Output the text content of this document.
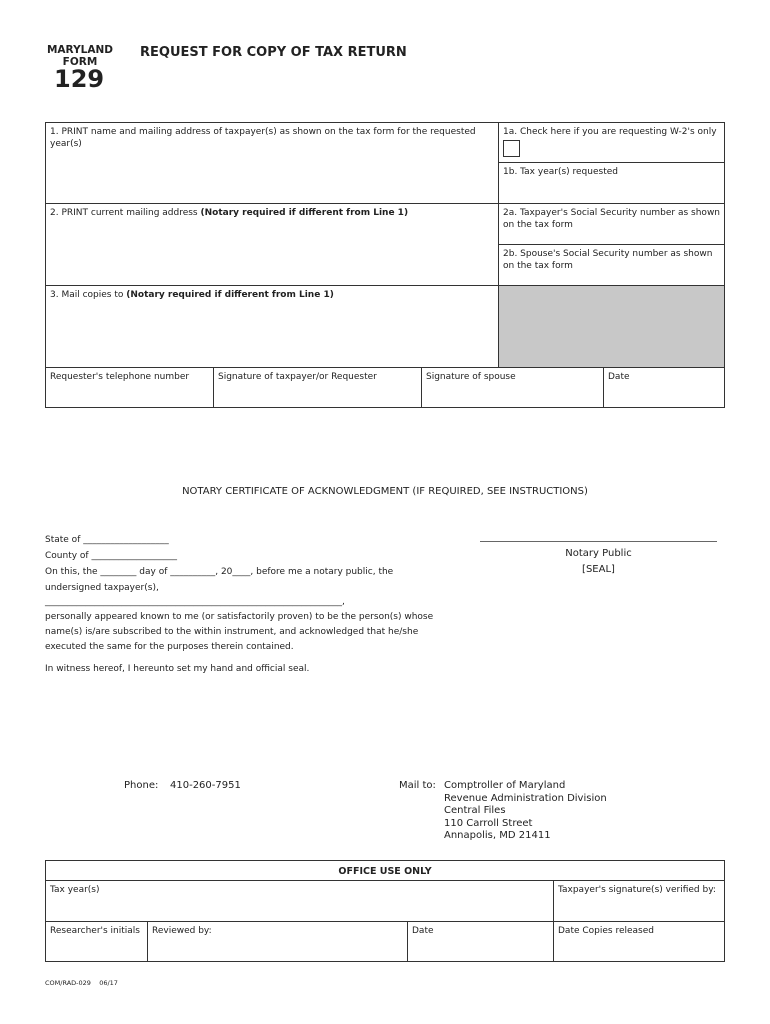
MARYLAND
FORM
129
REQUEST FOR COPY OF TAX RETURN
1. PRINT name and mailing address of taxpayer(s) as shown on the tax form for the requested year(s)
1a. Check here if you are requesting W-2's only
1b. Tax year(s) requested
2. PRINT current mailing address (Notary required if different from Line 1)	2a. Taxpayer's Social Security number as shown on the tax form
2b. Spouse's Social Security number as shown on the tax form
3. Mail copies to (Notary required if different from Line 1)
Requester's telephone number	Signature of taxpayer/or Requester	Signature of spouse	Date
NOTARY CERTIFICATE OF ACKNOWLEDGMENT (IF REQUIRED, SEE INSTRUCTIONS)
State of ___________________
County of ___________________
On this, the ________ day of __________, 20____, before me a notary public, the
undersigned taxpayer(s),
__________________________________________________________________,
personally appeared known to me (or satisfactorily proven) to be the person(s) whose
name(s) is/are subscribed to the within instrument, and acknowledged that he/she
executed the same for the purposes therein contained.
In witness hereof, I hereunto set my hand and official seal.
Notary Public
[SEAL]
Phone: 410-260-7951	Mail to: Comptroller of Maryland
Revenue Administration Division
Central Files
110 Carroll Street
Annapolis, MD 21411
OFFICE USE ONLY
Tax year(s)	Taxpayer's signature(s) verified by:
Researcher's initials	Reviewed by:	Date	Date Copies released
COM/RAD-029 06/17
